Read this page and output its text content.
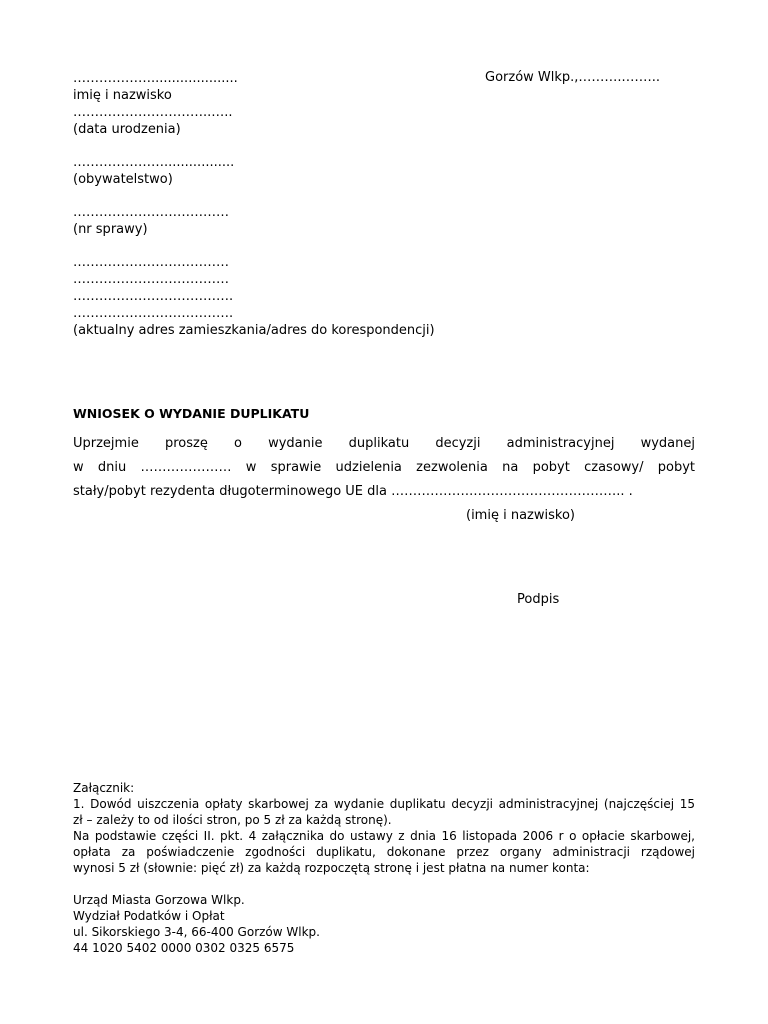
……………….....................	Gorzów Wlkp.,………..……..
imię i nazwisko
…………………………..…..
(data urodzenia)
………………….................
(obywatelstwo)
………………………………
(nr sprawy)
………………………………
………………………………
……………………………….
……………………………….
(aktualny adres zamieszkania/adres do korespondencji)
WNIOSEK O WYDANIE DUPLIKATU
Uprzejmie proszę o wydanie duplikatu decyzji administracyjnej wydanej
w dniu ………………… w sprawie udzielenia zezwolenia na pobyt czasowy/ pobyt
stały/pobyt rezydenta długoterminowego UE dla ……………….…………………………….. .
(imię i nazwisko)
Podpis
Załącznik:
1. Dowód uiszczenia opłaty skarbowej za wydanie duplikatu decyzji administracyjnej (najczęściej 15
zł – zależy to od ilości stron, po 5 zł za każdą stronę).
Na podstawie części II. pkt. 4 załącznika do ustawy z dnia 16 listopada 2006 r o opłacie skarbowej,
opłata za poświadczenie zgodności duplikatu, dokonane przez organy administracji rządowej
wynosi 5 zł (słownie: pięć zł) za każdą rozpoczętą stronę i jest płatna na numer konta:
Urząd Miasta Gorzowa Wlkp.
Wydział Podatków i Opłat
ul. Sikorskiego 3-4, 66-400 Gorzów Wlkp.
44 1020 5402 0000 0302 0325 6575
